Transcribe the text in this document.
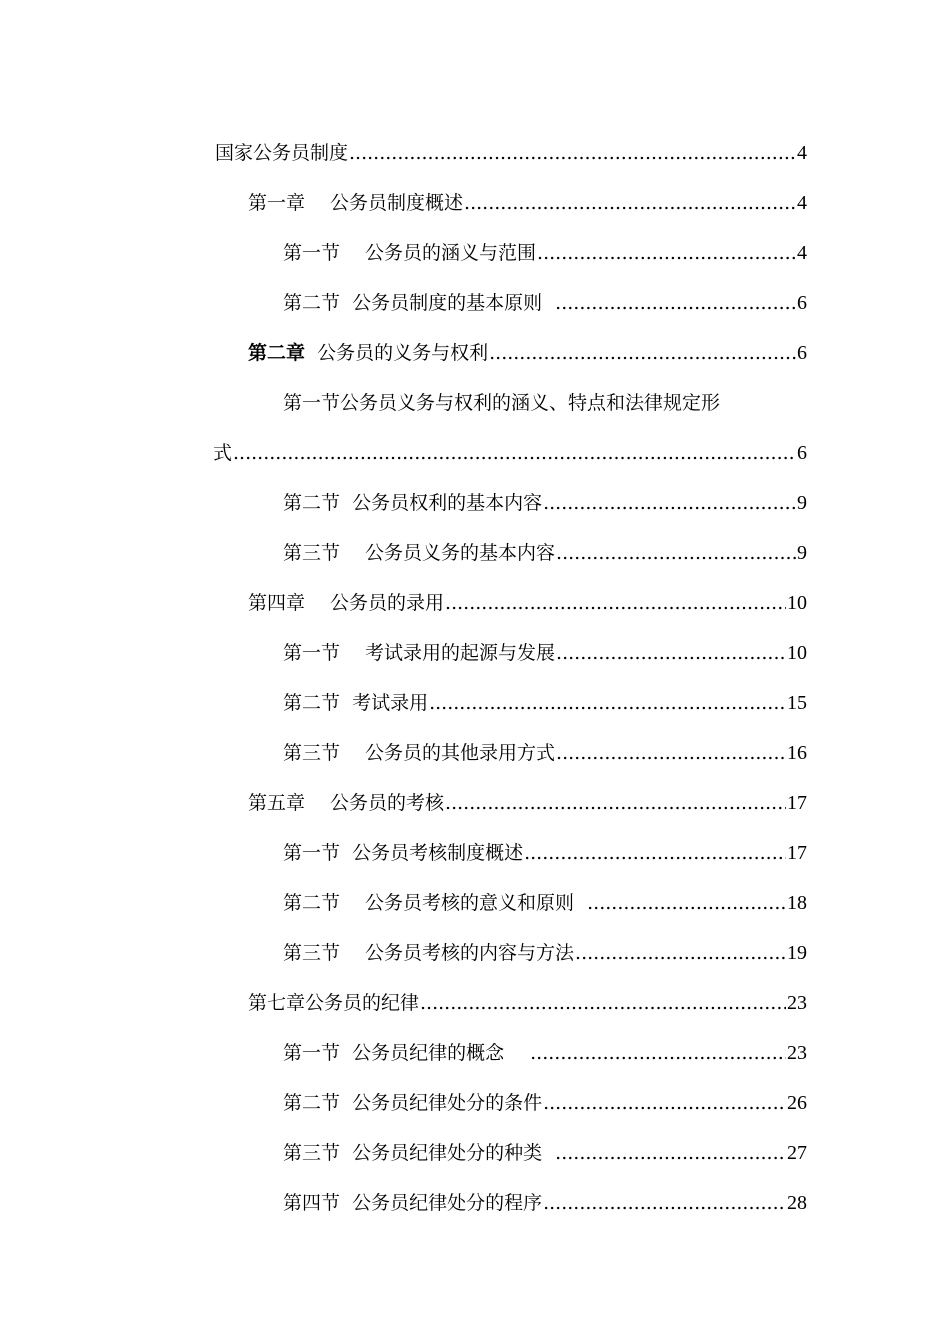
国家公务员制度 .....	4
第一章　 公务员制度概述 .....	4
第一节　 公务员的涵义与范围 .....	4
第二节  公务员制度的基本原则 .....	6
第二章 公务员的义务与权利 .....	6
第一节公务员义务与权利的涵义、特点和法律规定形
式 .....	6
第二节  公务员权利的基本内容 .....	9
第三节　 公务员义务的基本内容 .....	9
第四章　 公务员的录用 .....	10
第一节　 考试录用的起源与发展 .....	10
第二节  考试录用 .....	15
第三节　 公务员的其他录用方式 .....	16
第五章　 公务员的考核 .....	17
第一节  公务员考核制度概述 .....	17
第二节　 公务员考核的意义和原则 .....	18
第三节　 公务员考核的内容与方法 .....	19
第七章公务员的纪律 .....	23
第一节  公务员纪律的概念　 .....	23
第二节  公务员纪律处分的条件 .....	26
第三节  公务员纪律处分的种类 .....	27
第四节  公务员纪律处分的程序 .....	28
